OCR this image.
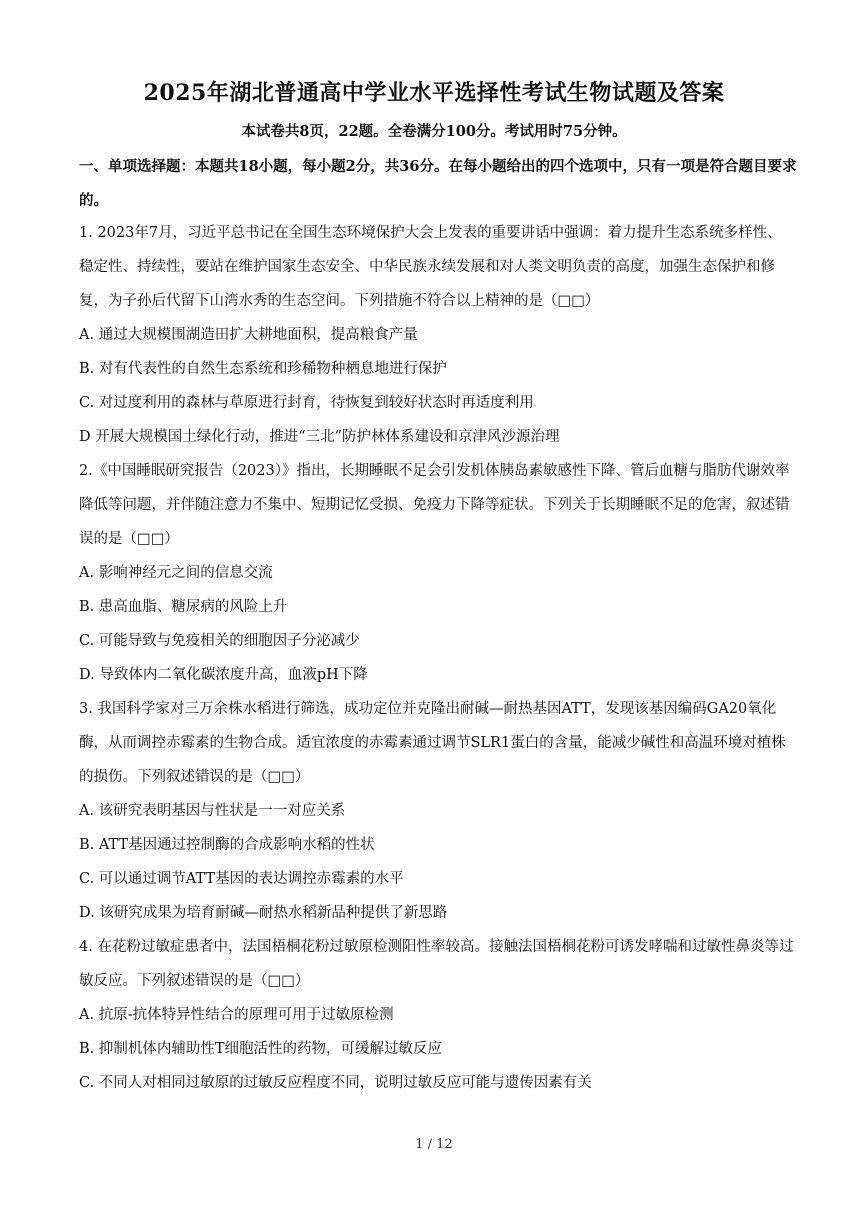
2025年湖北普通高中学业水平选择性考试生物试题及答案
本试卷共8页，22题。全卷满分100分。考试用时75分钟。
一、单项选择题：本题共18小题，每小题2分，共36分。在每小题给出的四个选项中，只有一项是符合题目要求的。

1. 2023年7月，习近平总书记在全国生态环境保护大会上发表的重要讲话中强调：着力提升生态系统多样性、稳定性、持续性，要站在维护国家生态安全、中华民族永续发展和对人类文明负责的高度，加强生态保护和修复，为子孙后代留下山湾水秀的生态空间。下列措施不符合以上精神的是（□□）

A. 通过大规模围湖造田扩大耕地面积，提高粮食产量

B. 对有代表性的自然生态系统和珍稀物种栖息地进行保护

C. 对过度利用的森林与草原进行封育，待恢复到较好状态时再适度利用

D 开展大规模国土绿化行动，推进“三北”防护林体系建设和京津风沙源治理

2.《中国睡眠研究报告（2023）》指出，长期睡眠不足会引发机体胰岛素敏感性下降、管后血糖与脂肪代谢效率降低等问题，并伴随注意力不集中、短期记忆受损、免疫力下降等症状。下列关于长期睡眠不足的危害，叙述错误的是（□□）

A. 影响神经元之间的信息交流

B. 患高血脂、糖尿病的风险上升

C. 可能导致与免疫相关的细胞因子分泌减少

D. 导致体内二氧化碳浓度升高，血液pH下降

3. 我国科学家对三万余株水稻进行筛选，成功定位并克隆出耐碱—耐热基因ATT，发现该基因编码GA20氧化酶，从而调控赤霉素的生物合成。适宜浓度的赤霉素通过调节SLR1蛋白的含量，能减少碱性和高温环境对植株的损伤。下列叙述错误的是（□□）

A. 该研究表明基因与性状是一一对应关系

B. ATT基因通过控制酶的合成影响水稻的性状

C. 可以通过调节ATT基因的表达调控赤霉素的水平

D. 该研究成果为培育耐碱—耐热水稻新品种提供了新思路

4. 在花粉过敏症患者中，法国梧桐花粉过敏原检测阳性率较高。接触法国梧桐花粉可诱发哮喘和过敏性鼻炎等过敏反应。下列叙述错误的是（□□）

A. 抗原-抗体特异性结合的原理可用于过敏原检测

B. 抑制机体内辅助性T细胞活性的药物，可缓解过敏反应

C. 不同人对相同过敏原的过敏反应程度不同，说明过敏反应可能与遗传因素有关

1 / 12
